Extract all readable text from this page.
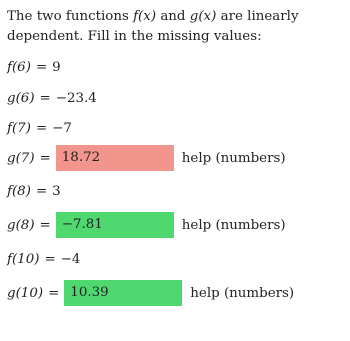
The two functions f(x) and g(x) are linearly dependent. Fill in the missing values:
f(6) = 9
g(6) = −23.4
f(7) = −7
g(7) = 18.72	help (numbers)
f(8) = 3
g(8) = −7.81	help (numbers)
f(10) = −4
g(10) = 10.39	help (numbers)
